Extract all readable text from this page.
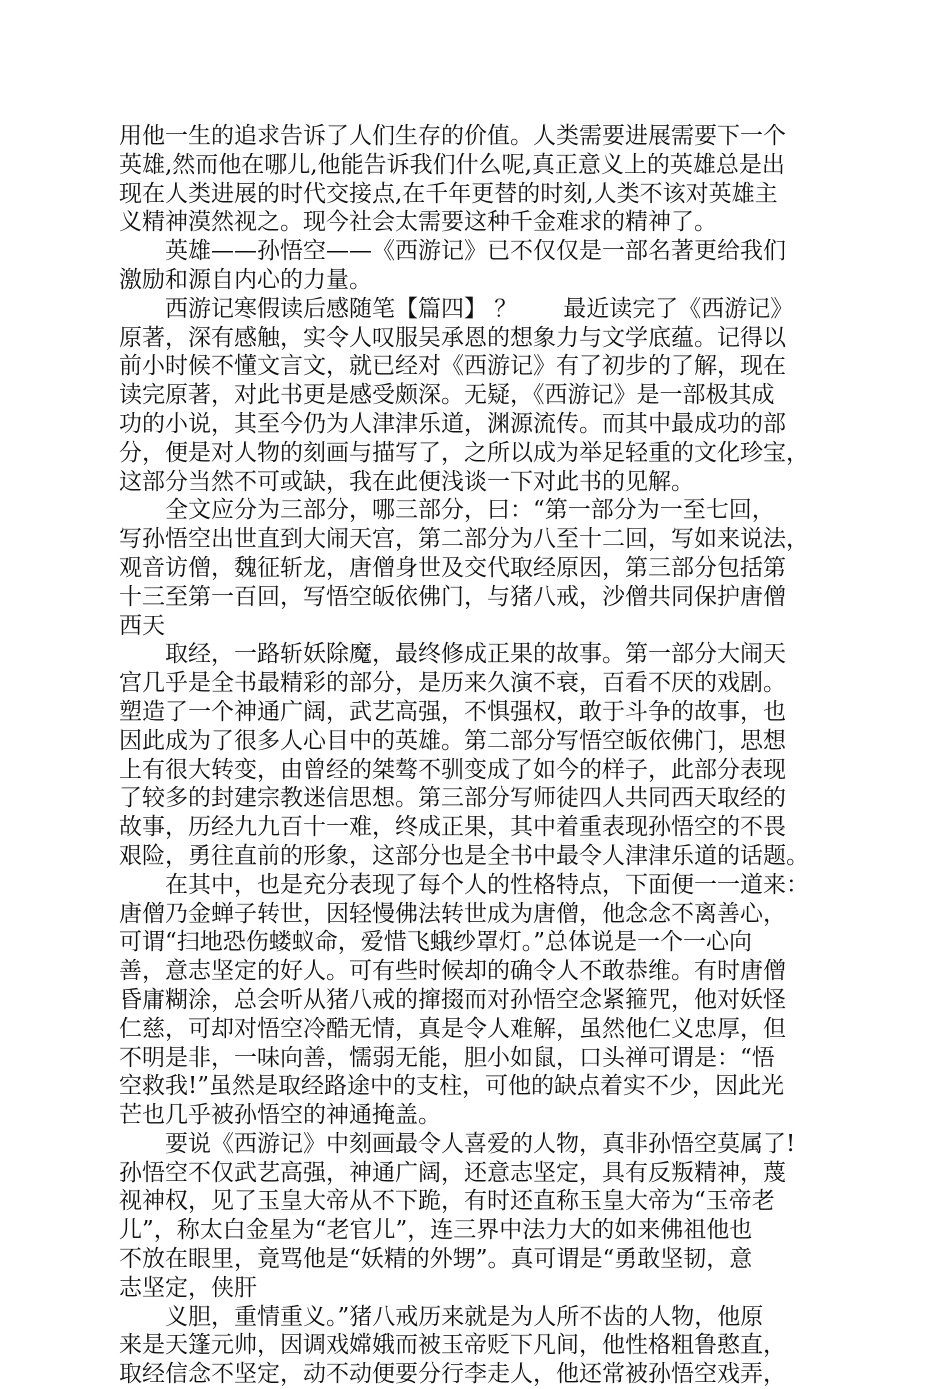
用他一生的追求告诉了人们生存的价值。人类需要进展需要下一个
英雄,然而他在哪儿,他能告诉我们什么呢,真正意义上的英雄总是出
现在人类进展的时代交接点,在千年更替的时刻,人类不该对英雄主
义精神漠然视之。现今社会太需要这种千金难求的精神了。
英雄——孙悟空——《西游记》已不仅仅是一部名著更给我们
激励和源自内心的力量。
西游记寒假读后感随笔【篇四】 ？　　最近读完了《西游记》
原著，深有感触，实令人叹服吴承恩的想象力与文学底蕴。记得以
前小时候不懂文言文，就已经对《西游记》有了初步的了解，现在
读完原著，对此书更是感受颇深。无疑，《西游记》是一部极其成
功的小说，其至今仍为人津津乐道，渊源流传。而其中最成功的部
分，便是对人物的刻画与描写了，之所以成为举足轻重的文化珍宝，
这部分当然不可或缺，我在此便浅谈一下对此书的见解。
全文应分为三部分，哪三部分，曰：“第一部分为一至七回，
写孙悟空出世直到大闹天宫，第二部分为八至十二回，写如来说法，
观音访僧，魏征斩龙，唐僧身世及交代取经原因，第三部分包括第
十三至第一百回，写悟空皈依佛门，与猪八戒，沙僧共同保护唐僧
西天
取经，一路斩妖除魔，最终修成正果的故事。第一部分大闹天
宫几乎是全书最精彩的部分，是历来久演不衰，百看不厌的戏剧。
塑造了一个神通广阔，武艺高强，不惧强权，敢于斗争的故事，也
因此成为了很多人心目中的英雄。第二部分写悟空皈依佛门，思想
上有很大转变，由曾经的桀骜不驯变成了如今的样子，此部分表现
了较多的封建宗教迷信思想。第三部分写师徒四人共同西天取经的
故事，历经九九百十一难，终成正果，其中着重表现孙悟空的不畏
艰险，勇往直前的形象，这部分也是全书中最令人津津乐道的话题。
在其中，也是充分表现了每个人的性格特点，下面便一一道来：
唐僧乃金蝉子转世，因轻慢佛法转世成为唐僧，他念念不离善心，
可谓“扫地恐伤蝼蚁命，爱惜飞蛾纱罩灯。”总体说是一个一心向
善，意志坚定的好人。可有些时候却的确令人不敢恭维。有时唐僧
昏庸糊涂，总会听从猪八戒的撺掇而对孙悟空念紧箍咒，他对妖怪
仁慈，可却对悟空冷酷无情，真是令人难解，虽然他仁义忠厚，但
不明是非，一味向善，懦弱无能，胆小如鼠，口头禅可谓是：“悟
空救我!”虽然是取经路途中的支柱，可他的缺点着实不少，因此光
芒也几乎被孙悟空的神通掩盖。
要说《西游记》中刻画最令人喜爱的人物，真非孙悟空莫属了!
孙悟空不仅武艺高强，神通广阔，还意志坚定，具有反叛精神，蔑
视神权，见了玉皇大帝从不下跪，有时还直称玉皇大帝为“玉帝老
儿”，称太白金星为“老官儿”，连三界中法力大的如来佛祖他也
不放在眼里，竟骂他是“妖精的外甥”。真可谓是“勇敢坚韧，意
志坚定，侠肝
义胆，重情重义。”猪八戒历来就是为人所不齿的人物，他原
来是天篷元帅，因调戏嫦娥而被玉帝贬下凡间，他性格粗鲁憨直，
取经信念不坚定，动不动便要分行李走人，他还常被孙悟空戏弄，
